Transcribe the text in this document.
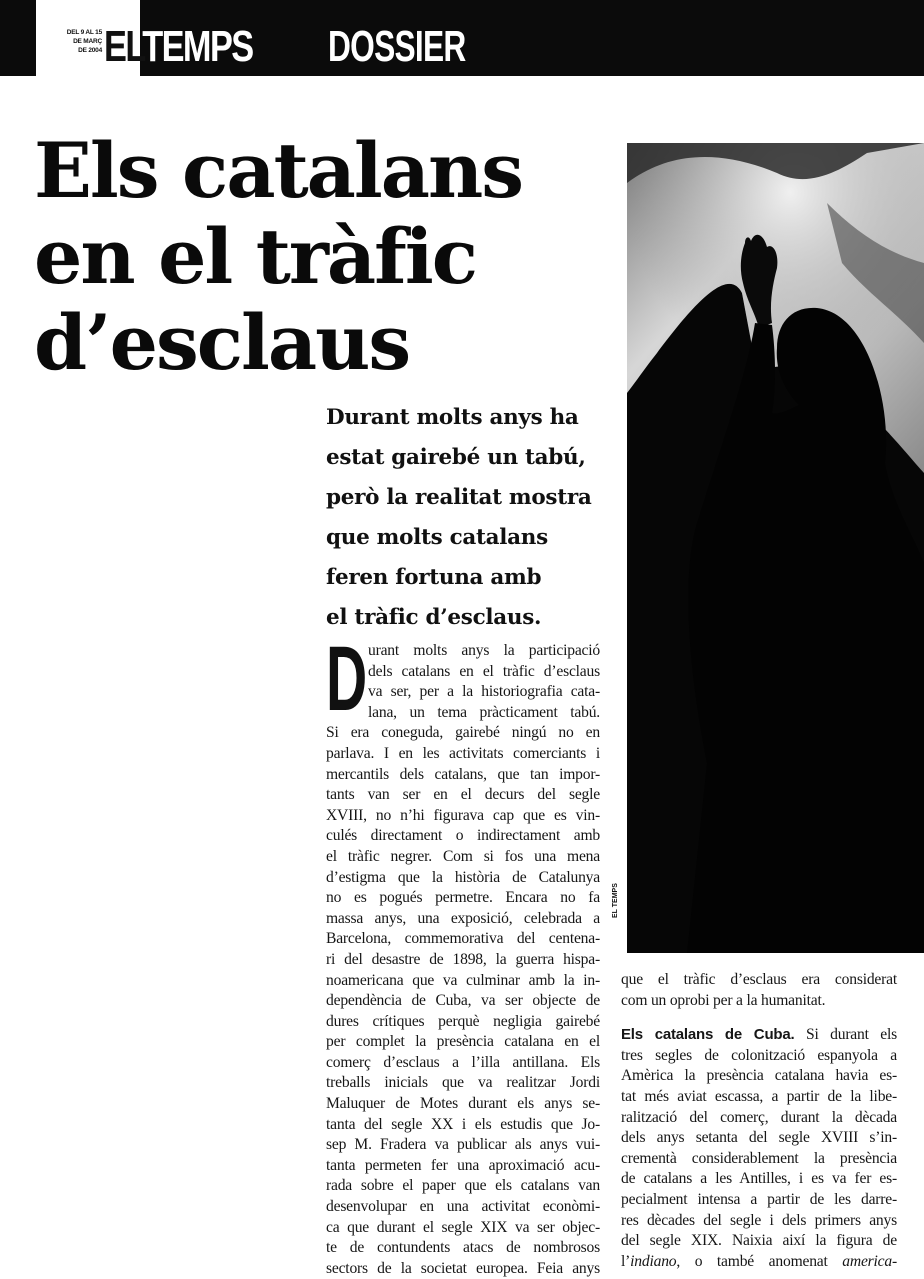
DEL 9 AL 15
DE MARÇ
DE 2004 ELTEMPS DOSSIER
Els catalans
en el tràfic
d’esclaus

Durant molts anys ha
estat gairebé un tabú,
però la realitat mostra
que molts catalans
feren fortuna amb
el tràfic d’esclaus.

EL TEMPS
D urant molts anys la participació
dels catalans en el tràfic d’esclaus
va ser, per a la historiografia cata-
lana, un tema pràcticament tabú.
Si era coneguda, gairebé ningú no en
parlava. I en les activitats comerciants i
mercantils dels catalans, que tan impor-
tants van ser en el decurs del segle
XVIII, no n’hi figurava cap que es vin-
culés directament o indirectament amb
el tràfic negrer. Com si fos una mena
d’estigma que la història de Catalunya
no es pogués permetre. Encara no fa
massa anys, una exposició, celebrada a
Barcelona, commemorativa del centena-
ri del desastre de 1898, la guerra hispa-
noamericana que va culminar amb la in-
dependència de Cuba, va ser objecte de
dures crítiques perquè negligia gairebé
per complet la presència catalana en el
comerç d’esclaus a l’illa antillana. Els
treballs inicials que va realitzar Jordi
Maluquer de Motes durant els anys se-
tanta del segle XX i els estudis que Jo-
sep M. Fradera va publicar als anys vui-
tanta permeten fer una aproximació acu-
rada sobre el paper que els catalans van
desenvolupar en una activitat econòmi-
ca que durant el segle XIX va ser objec-
te de contundents atacs de nombrosos
sectors de la societat europea. Feia anys
que el tràfic d’esclaus era considerat
com un oprobi per a la humanitat.
Els catalans de Cuba. Si durant els
tres segles de colonització espanyola a
Amèrica la presència catalana havia es-
tat més aviat escassa, a partir de la libe-
ralització del comerç, durant la dècada
dels anys setanta del segle XVIII s’in-
crementà considerablement la presència
de catalans a les Antilles, i es va fer es-
pecialment intensa a partir de les darre-
res dècades del segle i dels primers anys
del segle XIX. Naixia així la figura de
l’indiano, o també anomenat america-
